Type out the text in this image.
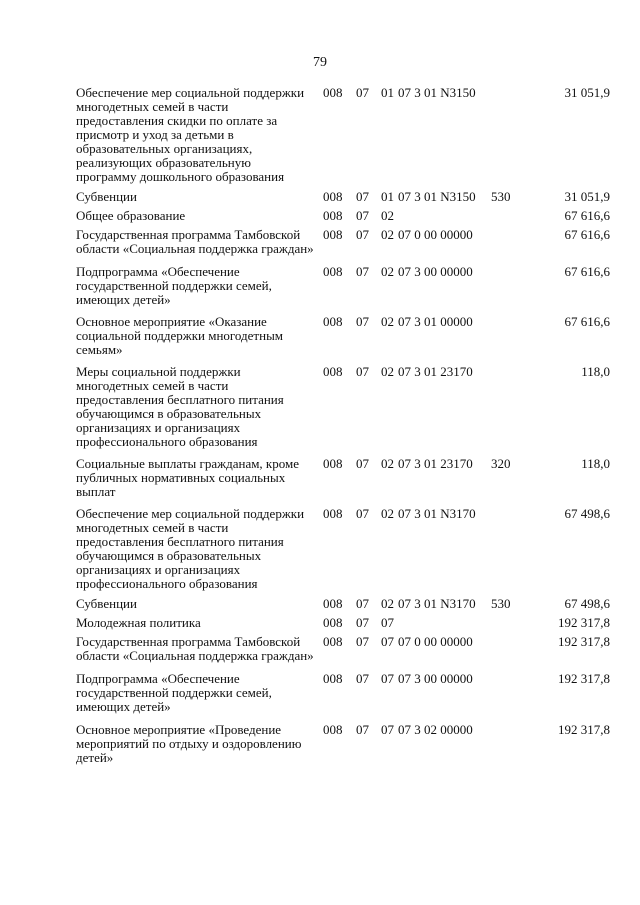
79
Обеспечение мер социальной поддержки многодетных семей в части предоставления скидки по оплате за присмотр и уход за детьми в образовательных организациях, реализующих образовательную программу дошкольного образования
008 07 01 07 3 01 N3150	31 051,9
Субвенции	008 07 01 07 3 01 N3150 530	31 051,9
Общее образование	008 07 02	67 616,6
Государственная программа Тамбовской области «Социальная поддержка граждан»
008 07 02 07 0 00 00000	67 616,6
Подпрограмма «Обеспечение государственной поддержки семей, имеющих детей»
008 07 02 07 3 00 00000	67 616,6
Основное мероприятие «Оказание социальной поддержки многодетным семьям»
008 07 02 07 3 01 00000	67 616,6
Меры социальной поддержки многодетных семей в части предоставления бесплатного питания обучающимся в образовательных организациях и организациях профессионального образования
008 07 02 07 3 01 23170	118,0
Социальные выплаты гражданам, кроме публичных нормативных социальных выплат
008 07 02 07 3 01 23170 320	118,0
Обеспечение мер социальной поддержки многодетных семей в части предоставления бесплатного питания обучающимся в образовательных организациях и организациях профессионального образования
008 07 02 07 3 01 N3170	67 498,6
Субвенции	008 07 02 07 3 01 N3170 530	67 498,6
Молодежная политика	008 07 07	192 317,8
Государственная программа Тамбовской области «Социальная поддержка граждан»
008 07 07 07 0 00 00000	192 317,8
Подпрограмма «Обеспечение государственной поддержки семей, имеющих детей»
008 07 07 07 3 00 00000	192 317,8
Основное мероприятие «Проведение мероприятий по отдыху и оздоровлению детей»
008 07 07 07 3 02 00000	192 317,8
